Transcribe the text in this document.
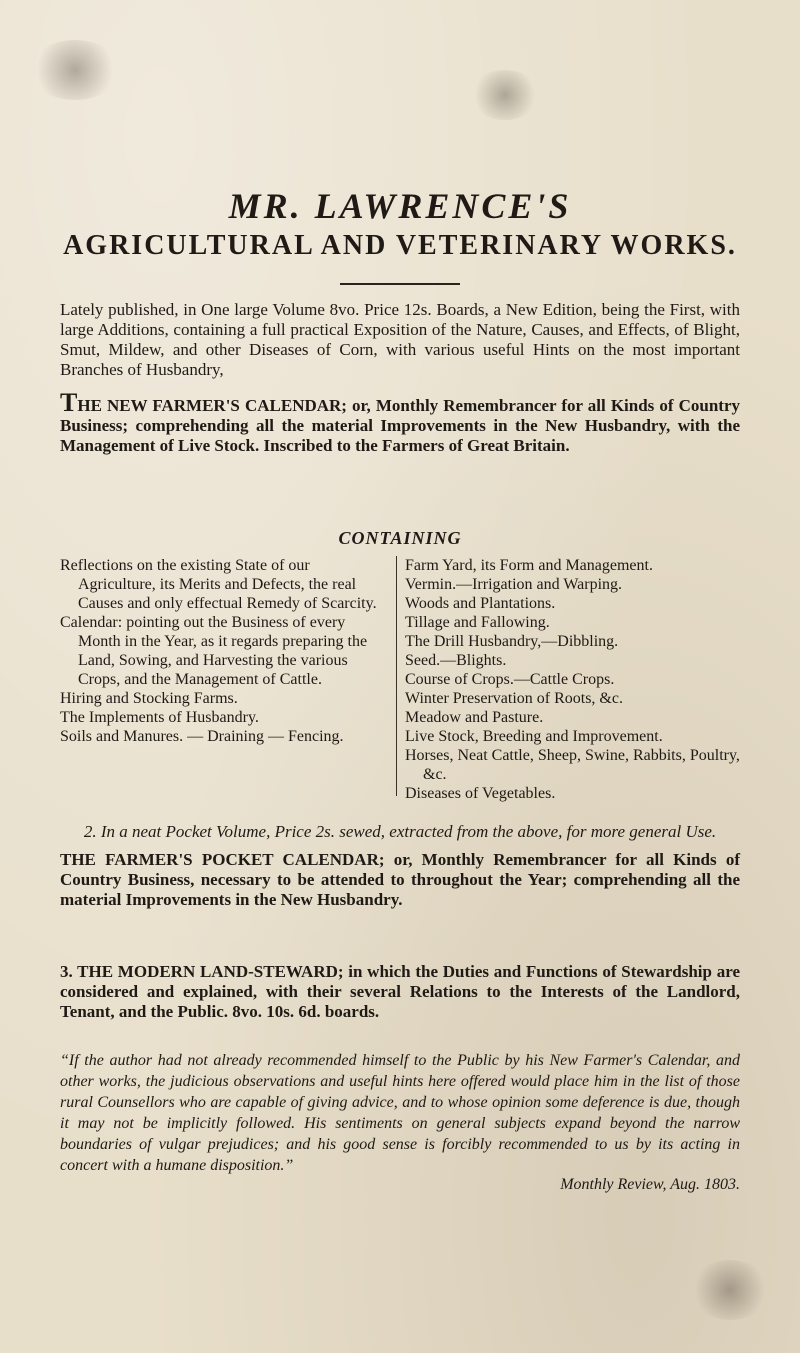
MR. LAWRENCE'S
AGRICULTURAL AND VETERINARY WORKS.

Lately published, in One large Volume 8vo. Price 12s. Boards, a New Edition, being the First, with large Additions, containing a full practical Exposition of the Nature, Causes, and Effects, of Blight, Smut, Mildew, and other Diseases of Corn, with various useful Hints on the most important Branches of Husbandry,

THE NEW FARMER'S CALENDAR; or, Monthly Remembrancer for all Kinds of Country Business; comprehending all the material Improvements in the New Husbandry, with the Management of Live Stock. Inscribed to the Farmers of Great Britain.

CONTAINING

Reflections on the existing State of our Agriculture, its Merits and Defects, the real Causes and only effectual Remedy of Scarcity.

Calendar: pointing out the Business of every Month in the Year, as it regards preparing the Land, Sowing, and Harvesting the various Crops, and the Management of Cattle.

Hiring and Stocking Farms.

The Implements of Husbandry.

Soils and Manures. — Draining — Fencing.

Farm Yard, its Form and Management.

Vermin.—Irrigation and Warping.

Woods and Plantations.

Tillage and Fallowing.

The Drill Husbandry,—Dibbling.

Seed.—Blights.

Course of Crops.—Cattle Crops.

Winter Preservation of Roots, &c.

Meadow and Pasture.

Live Stock, Breeding and Improvement.

Horses, Neat Cattle, Sheep, Swine, Rabbits, Poultry, &c.

Diseases of Vegetables.

2. In a neat Pocket Volume, Price 2s. sewed, extracted from the above, for more general Use.

THE FARMER'S POCKET CALENDAR; or, Monthly Remembrancer for all Kinds of Country Business, necessary to be attended to throughout the Year; comprehending all the material Improvements in the New Husbandry.

3. THE MODERN LAND-STEWARD; in which the Duties and Functions of Stewardship are considered and explained, with their several Relations to the Interests of the Landlord, Tenant, and the Public. 8vo. 10s. 6d. boards.

“If the author had not already recommended himself to the Public by his New Farmer's Calendar, and other works, the judicious observations and useful hints here offered would place him in the list of those rural Counsellors who are capable of giving advice, and to whose opinion some deference is due, though it may not be implicitly followed. His sentiments on general subjects expand beyond the narrow boundaries of vulgar prejudices; and his good sense is forcibly recommended to us by its acting in concert with a humane disposition.”

Monthly Review, Aug. 1803.
